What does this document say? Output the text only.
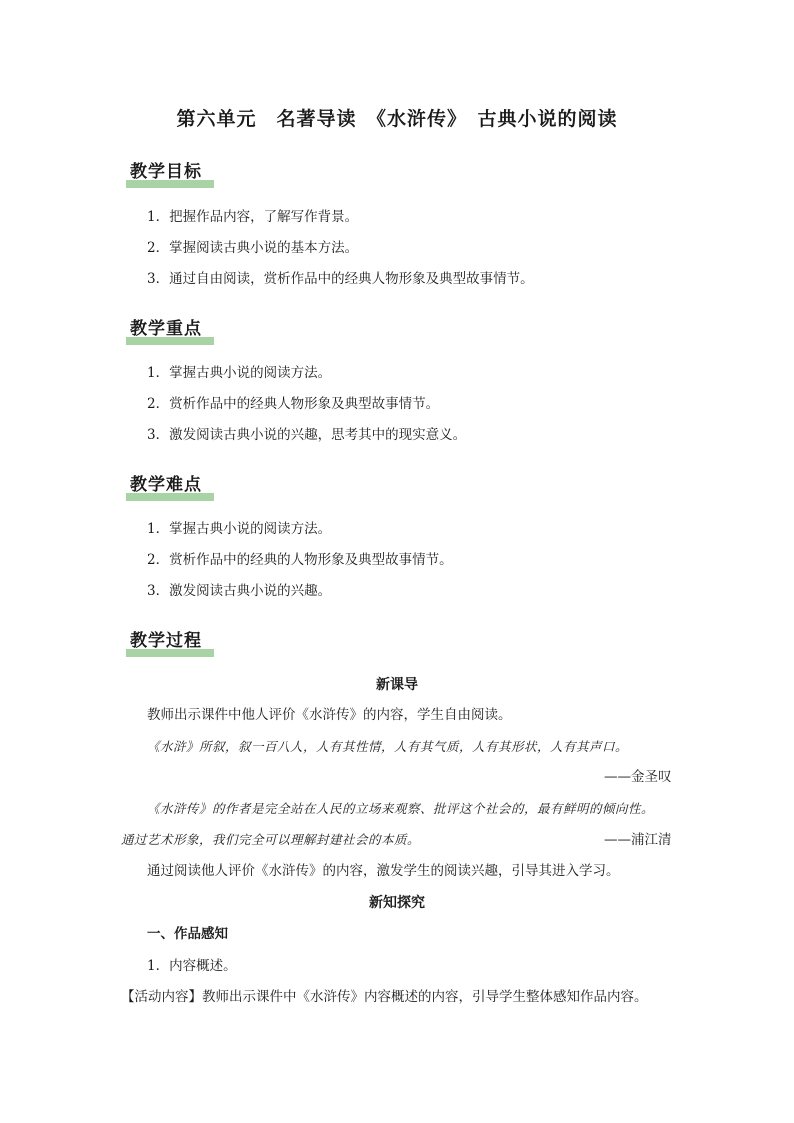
第六单元　名著导读　《水浒传》　古典小说的阅读
教学目标
1．把握作品内容，了解写作背景。
2．掌握阅读古典小说的基本方法。
3．通过自由阅读，赏析作品中的经典人物形象及典型故事情节。
教学重点
1．掌握古典小说的阅读方法。
2．赏析作品中的经典人物形象及典型故事情节。
3．激发阅读古典小说的兴趣，思考其中的现实意义。
教学难点
1．掌握古典小说的阅读方法。
2．赏析作品中的经典的人物形象及典型故事情节。
3．激发阅读古典小说的兴趣。
教学过程
新课导
教师出示课件中他人评价《水浒传》的内容，学生自由阅读。
《水浒》所叙，叙一百八人，人有其性情，人有其气质，人有其形状，人有其声口。
——金圣叹
《水浒传》的作者是完全站在人民的立场来观察、批评这个社会的，最有鲜明的倾向性。
通过艺术形象，我们完全可以理解封建社会的本质。	——浦江清
通过阅读他人评价《水浒传》的内容，激发学生的阅读兴趣，引导其进入学习。
新知探究
一、作品感知
1．内容概述。
【活动内容】教师出示课件中《水浒传》内容概述的内容，引导学生整体感知作品内容。
